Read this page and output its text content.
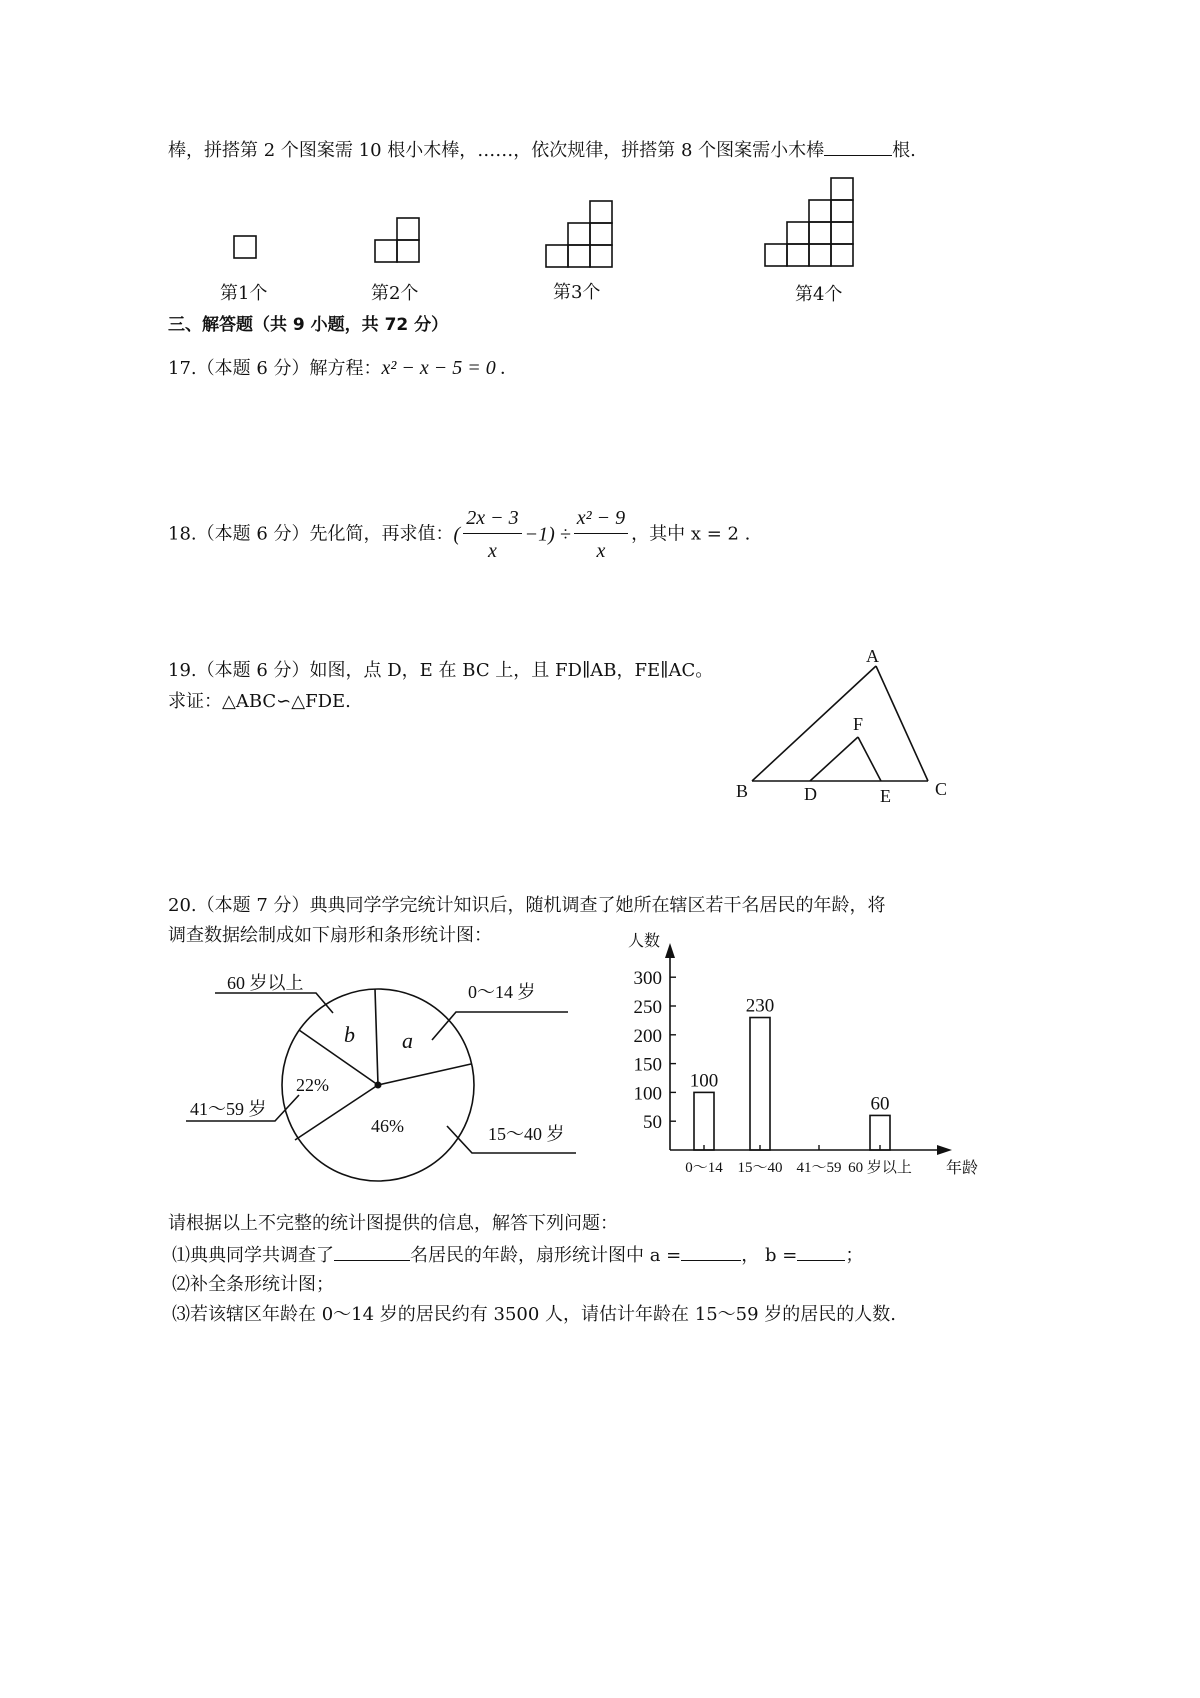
棒，拼搭第 2 个图案需 10 根小木棒，……，依次规律，拼搭第 8 个图案需小木棒	根.
第1个	第2个	第3个	第4个
三、解答题（共 9 小题，共 72 分）
17.（本题 6 分）解方程：x² − x − 5 = 0 .
18.（本题 6 分）先化简，再求值：( $\frac{2x - 3}{x} -1) \div \frac{\text{x² − 9}}{x}$ ，其中 x = 2 .
19.（本题 6 分）如图，点 D，E 在 BC 上，且 FD∥AB，FE∥AC。
求证：△ABC∽△FDE.
A
B	C
D	E
F
20.（本题 7 分）典典同学学完统计知识后，随机调查了她所在辖区若干名居民的年龄，将
调查数据绘制成如下扇形和条形统计图：
60 岁以上	0～14 岁
41～59 岁
15～40 岁
22%
46%
b a
人数
年龄
50
100
150
200
250
300
100
230
60
0～14 15～40 41～59 60 岁以上
请根据以上不完整的统计图提供的信息，解答下列问题：
⑴典典同学共调查了	名居民的年龄，扇形统计图中 a =	， b =	；
⑵补全条形统计图；
⑶若该辖区年龄在 0～14 岁的居民约有 3500 人，请估计年龄在 15～59 岁的居民的人数.
